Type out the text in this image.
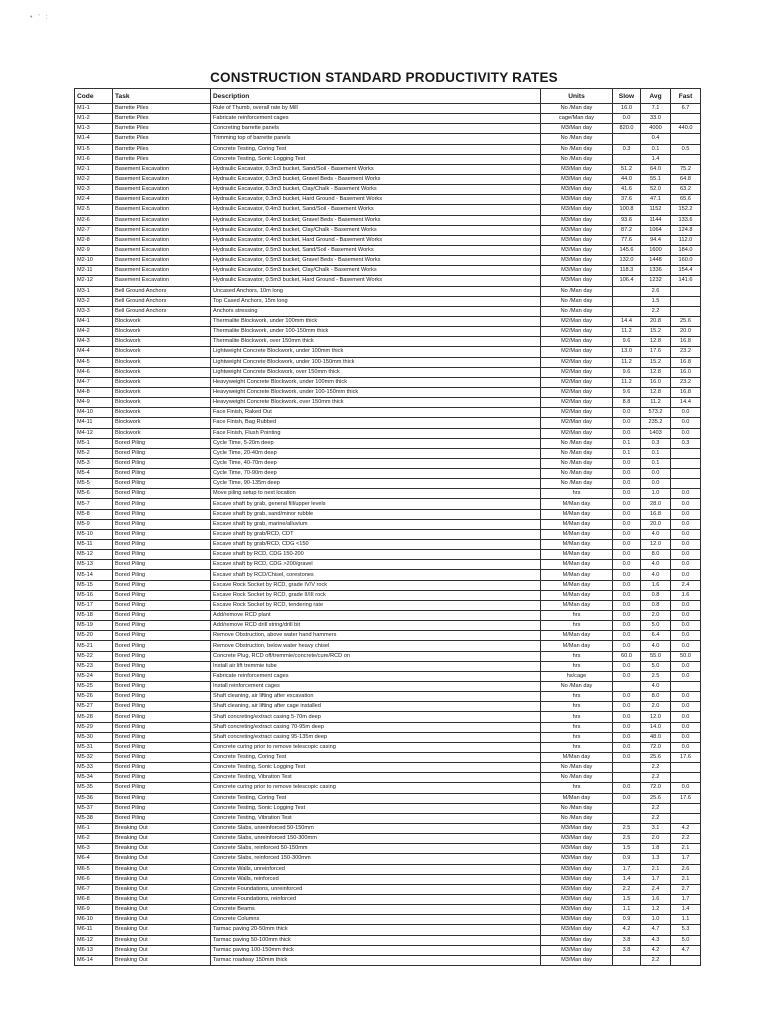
• ' :
CONSTRUCTION STANDARD PRODUCTIVITY RATES
Code	Task	Description	Units	Slow	Avg	Fast
M1-1	Barrette Piles	Rule of Thumb, overall rate by Mill	No /Man day	16.0	7.1	6.7
M1-2	Barrette Piles	Fabricate reinforcement cages	cage/Man day	0.0	33.0	
M1-3	Barrette Piles	Concreting barrette panels	M3/Man day	820.0	4000	440.0
M1-4	Barrette Piles	Trimming top of barrette panels	No /Man day		0.4	
M1-5	Barrette Piles	Concrete Testing, Coring Test	No /Man day	0.3	0.1	0.5
M1-6	Barrette Piles	Concrete Testing, Sonic Logging Test	No /Man day		1.4	
M2-1	Basement Excavation	Hydraulic Excavator, 0.3m3 bucket, Sand/Soil - Basement Works	M3/Man day	51.2	64.0	75.2
M2-2	Basement Excavation	Hydraulic Excavator, 0.3m3 bucket, Gravel Beds - Basement Works	M3/Man day	44.0	55.1	64.8
M2-3	Basement Excavation	Hydraulic Excavator, 0.3m3 bucket, Clay/Chalk - Basement Works	M3/Man day	41.6	52.0	63.2
M2-4	Basement Excavation	Hydraulic Excavator, 0.3m3 bucket, Hard Ground - Basement Works	M3/Man day	37.6	47.1	65.6
M2-5	Basement Excavation	Hydraulic Excavator, 0.4m3 bucket, Sand/Soil - Basement Works	M3/Man day	100.8	1152	152.2
M2-6	Basement Excavation	Hydraulic Excavator, 0.4m3 bucket, Gravel Beds - Basement Works	M3/Man day	93.6	1144	133.6
M2-7	Basement Excavation	Hydraulic Excavator, 0.4m3 bucket, Clay/Chalk - Basement Works	M3/Man day	87.2	1064	124.8
M2-8	Basement Excavation	Hydraulic Excavator, 0.4m3 bucket, Hard Ground - Basement Works	M3/Man day	77.6	94.4	112.0
M2-9	Basement Excavation	Hydraulic Excavator, 0.5m3 bucket, Sand/Soil - Basement Works	M3/Man day	145.6	1600	184.0
M2-10	Basement Excavation	Hydraulic Excavator, 0.5m3 bucket, Gravel Beds - Basement Works	M3/Man day	132.0	1448	160.0
M2-11	Basement Excavation	Hydraulic Excavator, 0.5m3 bucket, Clay/Chalk - Basement Works	M3/Man day	118.3	1336	154.4
M2-12	Basement Excavation	Hydraulic Excavator, 0.5m3 bucket, Hard Ground - Basement Works	M3/Man day	106.4	1232	141.6
M3-1	Bell Ground Anchors	Uncased Anchors, 10m long	No /Man day		2.6	
M3-2	Bell Ground Anchors	Top Cased Anchors, 15m long	No /Man day		1.5	
M3-3	Bell Ground Anchors	Anchors stressing	No /Man day		2.2	
M4-1	Blockwork	Thermalite Blockwork, under 100mm thick	M2/Man day	14.4	20.8	25.6
M4-2	Blockwork	Thermalite Blockwork, under 100-150mm thick	M2/Man day	11.2	15.2	20.0
M4-3	Blockwork	Thermalite Blockwork, over 150mm thick	M2/Man day	9.6	12.8	16.8
M4-4	Blockwork	Lightweight Concrete Blockwork, under 100mm thick	M2/Man day	13.0	17.6	23.2
M4-5	Blockwork	Lightweight Concrete Blockwork, under 100-150mm thick	M2/Man day	11.2	15.2	16.8
M4-6	Blockwork	Lightweight Concrete Blockwork, over 150mm thick	M2/Man day	9.6	12.8	16.0
M4-7	Blockwork	Heavyweight Concrete Blockwork, under 100mm thick	M2/Man day	11.2	16.0	23.2
M4-8	Blockwork	Heavyweight Concrete Blockwork, under 100-150mm thick	M2/Man day	9.6	12.8	16.8
M4-9	Blockwork	Heavyweight Concrete Blockwork, over 150mm thick	M2/Man day	8.8	11.2	14.4
M4-10	Blockwork	Face Finish, Raked Out	M2/Man day	0.0	573.2	0.0
M4-11	Blockwork	Face Finish, Bag Rubbed	M2/Man day	0.0	235.2	0.0
M4-12	Blockwork	Face Finish, Flush Pointing	M2/Man day	0.0	1403	0.0
M5-1	Bored Piling	Cycle Time, 5-20m deep	No /Man day	0.1	0.3	0.3
M5-2	Bored Piling	Cycle Time, 20-40m deep	No /Man day	0.1	0.1	
M5-3	Bored Piling	Cycle Time, 40-70m deep	No /Man day	0.0	0.1	
M5-4	Bored Piling	Cycle Time, 70-90m deep	No /Man day	0.0	0.0	
M5-5	Bored Piling	Cycle Time, 90-135m deep	No /Man day	0.0	0.0	
M5-6	Bored Piling	Move piling setup to next location	hrs	0.0	1.0	0.0
M5-7	Bored Piling	Excave shaft by grab, general fill/upper levels	M/Man day	0.0	28.0	0.0
M5-8	Bored Piling	Excave shaft by grab, sand/minor rubble	M/Man day	0.0	16.8	0.0
M5-9	Bored Piling	Excave shaft by grab, marine/alluvium	M/Man day	0.0	20.0	0.0
M5-10	Bored Piling	Excave shaft by grab/RCD, CDT	M/Man day	0.0	4.0	0.0
M5-11	Bored Piling	Excave shaft by grab/RCD, CDG <150	M/Man day	0.0	12.0	0.0
M5-12	Bored Piling	Excave shaft by RCD, CDG 150-200	M/Man day	0.0	8.0	0.0
M5-13	Bored Piling	Excave shaft by RCD, CDG >200/gravel	M/Man day	0.0	4.0	0.0
M5-14	Bored Piling	Excave shaft by RCD/Chisel, corestones	M/Man day	0.0	4.0	0.0
M5-15	Bored Piling	Excave Rock Socket by RCD, grade IV/V rock	M/Man day	0.0	1.6	2.4
M5-16	Bored Piling	Excave Rock Socket by RCD, grade II/III rock	M/Man day	0.0	0.8	1.6
M5-17	Bored Piling	Excave Rock Socket by RCD, tendering rate	M/Man day	0.0	0.8	0.0
M5-18	Bored Piling	Add/remove RCD plant	hrs	0.0	2.0	0.0
M5-19	Bored Piling	Add/remove RCD drill string/drill bit	hrs	0.0	5.0	0.0
M5-20	Bored Piling	Remove Obstruction, above water hand hammers	M/Man day	0.0	6.4	0.0
M5-21	Bored Piling	Remove Obstruction, below water heavy chisel	M/Man day	0.0	4.0	0.0
M5-22	Bored Piling	Concrete Plug, RCD off/tremmie/concrete/cure/RCD on	hrs	60.0	55.0	50.0
M5-23	Bored Piling	Install air lift tremmie tube	hrs	0.0	5.0	0.0
M5-24	Bored Piling	Fabricate reinforcement cages	hs/cage	0.0	2.5	0.0
M5-25	Bored Piling	Install reinforcement cages	No /Man day		4.0	
M5-26	Bored Piling	Shaft cleaning, air lifting after excavation	hrs	0.0	8.0	0.0
M5-27	Bored Piling	Shaft cleaning, air lifting after cage installed	hrs	0.0	2.0	0.0
M5-28	Bored Piling	Shaft concreting/extract casing 5-70m deep	hrs	0.0	12.0	0.0
M5-29	Bored Piling	Shaft concreting/extract casing 70-95m deep	hrs	0.0	14.0	0.0
M5-30	Bored Piling	Shaft concreting/extract casing 95-135m deep	hrs	0.0	48.0	0.0
M5-31	Bored Piling	Concrete curing prior to remove telescopic casing	hrs	0.0	72.0	0.0
M5-32	Bored Piling	Concrete Testing, Coring Test	M/Man day	0.0	25.6	17.6
M5-33	Bored Piling	Concrete Testing, Sonic Logging Test	No /Man day		2.2	
M5-34	Bored Piling	Concrete Testing, Vibration Test	No /Man day		2.2	
M5-35	Bored Piling	Concrete curing prior to remove telescopic casing	hrs	0.0	72.0	0.0
M5-36	Bored Piling	Concrete Testing, Coring Test	M/Man day	0.0	25.6	17.6
M5-37	Bored Piling	Concrete Testing, Sonic Logging Test	No /Man day		2.2	
M5-38	Bored Piling	Concrete Testing, Vibration Test	No /Man day		2.2	
M6-1	Breaking Out	Concrete Slabs, unreinforced 50-150mm	M3/Man day	2.5	3.1	4.2
M6-2	Breaking Out	Concrete Slabs, unreinforced 150-300mm	M3/Man day	2.5	2.0	2.2
M6-3	Breaking Out	Concrete Slabs, reinforced 50-150mm	M3/Man day	1.5	1.8	2.1
M6-4	Breaking Out	Concrete Slabs, reinforced 150-300mm	M3/Man day	0.9	1.3	1.7
M6-5	Breaking Out	Concrete Walls, unreinforced	M3/Man day	1.7	2.1	2.6
M6-6	Breaking Out	Concrete Walls, reinforced	M3/Man day	1.4	1.7	2.1
M6-7	Breaking Out	Concrete Foundations, unreinforced	M3/Man day	2.2	2.4	2.7
M6-8	Breaking Out	Concrete Foundations, reinforced	M3/Man day	1.5	1.6	1.7
M6-9	Breaking Out	Concrete Beams	M3/Man day	1.1	1.2	1.4
M6-10	Breaking Out	Concrete Columns	M3/Man day	0.9	1.0	1.1
M6-11	Breaking Out	Tarmac paving 20-50mm thick	M3/Man day	4.2	4.7	5.3
M6-12	Breaking Out	Tarmac paving 50-100mm thick	M3/Man day	3.8	4.3	5.0
M6-13	Breaking Out	Tarmac paving 100-150mm thick	M3/Man day	3.8	4.2	4.7
M6-14	Breaking Out	Tarmac roadway 150mm thick	M3/Man day		2.2	
